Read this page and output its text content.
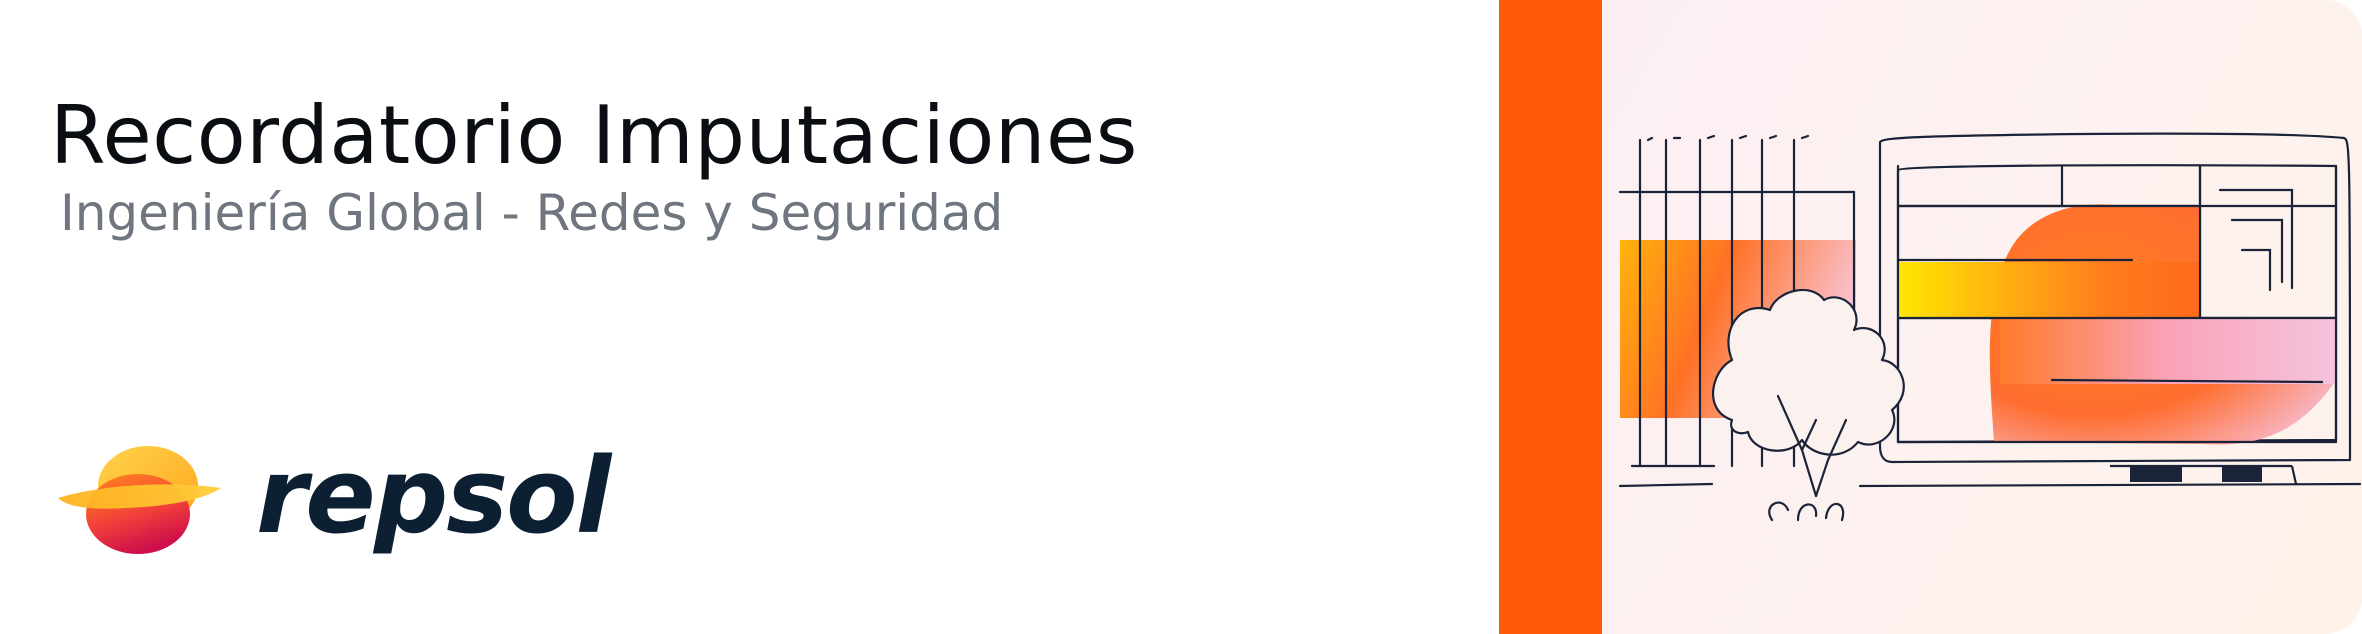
Recordatorio Imputaciones
Ingeniería Global - Redes y Seguridad
repsol
